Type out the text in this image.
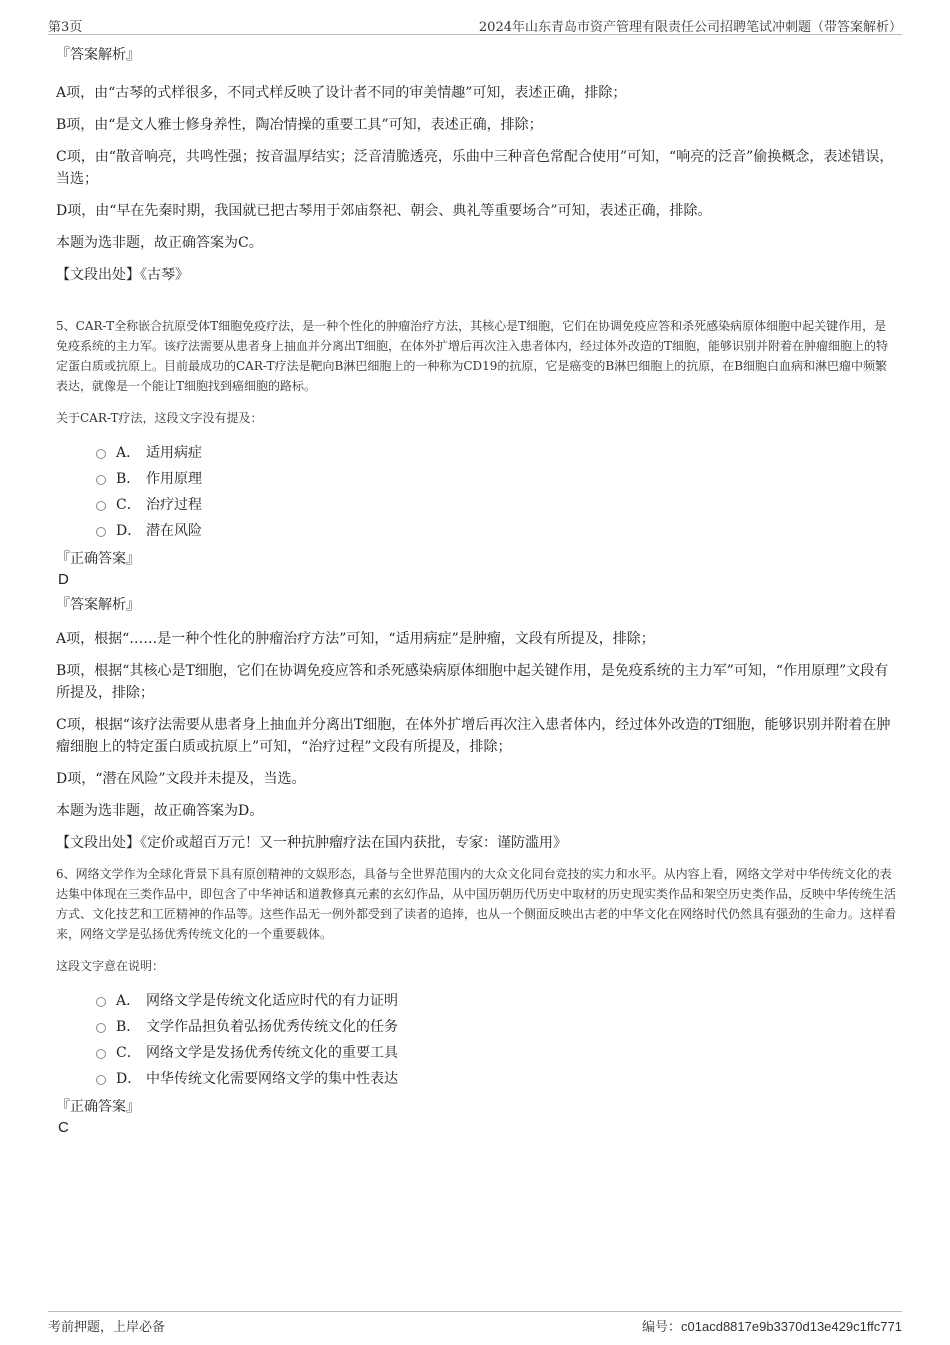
第3页	2024年山东青岛市资产管理有限责任公司招聘笔试冲刺题（带答案解析）

『答案解析』

A项，由“古琴的式样很多，不同式样反映了设计者不同的审美情趣”可知，表述正确，排除；

B项，由“是文人雅士修身养性，陶冶情操的重要工具”可知，表述正确，排除；

C项，由“散音响亮，共鸣性强；按音温厚结实；泛音清脆透亮，乐曲中三种音色常配合使用”可知，“响亮的泛音”偷换概念，表述错误，当选；

D项，由“早在先秦时期，我国就已把古琴用于郊庙祭祀、朝会、典礼等重要场合”可知，表述正确，排除。

本题为选非题，故正确答案为C。

【文段出处】《古琴》

5、CAR-T全称嵌合抗原受体T细胞免疫疗法，是一种个性化的肿瘤治疗方法，其核心是T细胞，它们在协调免疫应答和杀死感染病原体细胞中起关键作用，是免疫系统的主力军。该疗法需要从患者身上抽血并分离出T细胞，在体外扩增后再次注入患者体内，经过体外改造的T细胞，能够识别并附着在肿瘤细胞上的特定蛋白质或抗原上。目前最成功的CAR-T疗法是靶向B淋巴细胞上的一种称为CD19的抗原，它是癌变的B淋巴细胞上的抗原，在B细胞白血病和淋巴瘤中频繁表达，就像是一个能让T细胞找到癌细胞的路标。

关于CAR-T疗法，这段文字没有提及：

A． 适用病症

B． 作用原理

C． 治疗过程

D． 潜在风险

『正确答案』

D

『答案解析』

A项，根据“……是一种个性化的肿瘤治疗方法”可知，“适用病症”是肿瘤，文段有所提及，排除；

B项，根据“其核心是T细胞，它们在协调免疫应答和杀死感染病原体细胞中起关键作用，是免疫系统的主力军”可知，“作用原理”文段有所提及，排除；

C项，根据“该疗法需要从患者身上抽血并分离出T细胞，在体外扩增后再次注入患者体内，经过体外改造的T细胞，能够识别并附着在肿瘤细胞上的特定蛋白质或抗原上”可知，“治疗过程”文段有所提及，排除；

D项，“潜在风险”文段并未提及，当选。

本题为选非题，故正确答案为D。

【文段出处】《定价或超百万元！又一种抗肿瘤疗法在国内获批，专家：谨防滥用》

6、网络文学作为全球化背景下具有原创精神的文娱形态，具备与全世界范围内的大众文化同台竞技的实力和水平。从内容上看，网络文学对中华传统文化的表达集中体现在三类作品中，即包含了中华神话和道教修真元素的玄幻作品，从中国历朝历代历史中取材的历史现实类作品和架空历史类作品，反映中华传统生活方式、文化技艺和工匠精神的作品等。这些作品无一例外都受到了读者的追捧，也从一个侧面反映出古老的中华文化在网络时代仍然具有强劲的生命力。这样看来，网络文学是弘扬优秀传统文化的一个重要载体。

这段文字意在说明：

A． 网络文学是传统文化适应时代的有力证明

B． 文学作品担负着弘扬优秀传统文化的任务

C． 网络文学是发扬优秀传统文化的重要工具

D． 中华传统文化需要网络文学的集中性表达

『正确答案』

C

考前押题，上岸必备	编号：c01acd8817e9b3370d13e429c1ffc771
